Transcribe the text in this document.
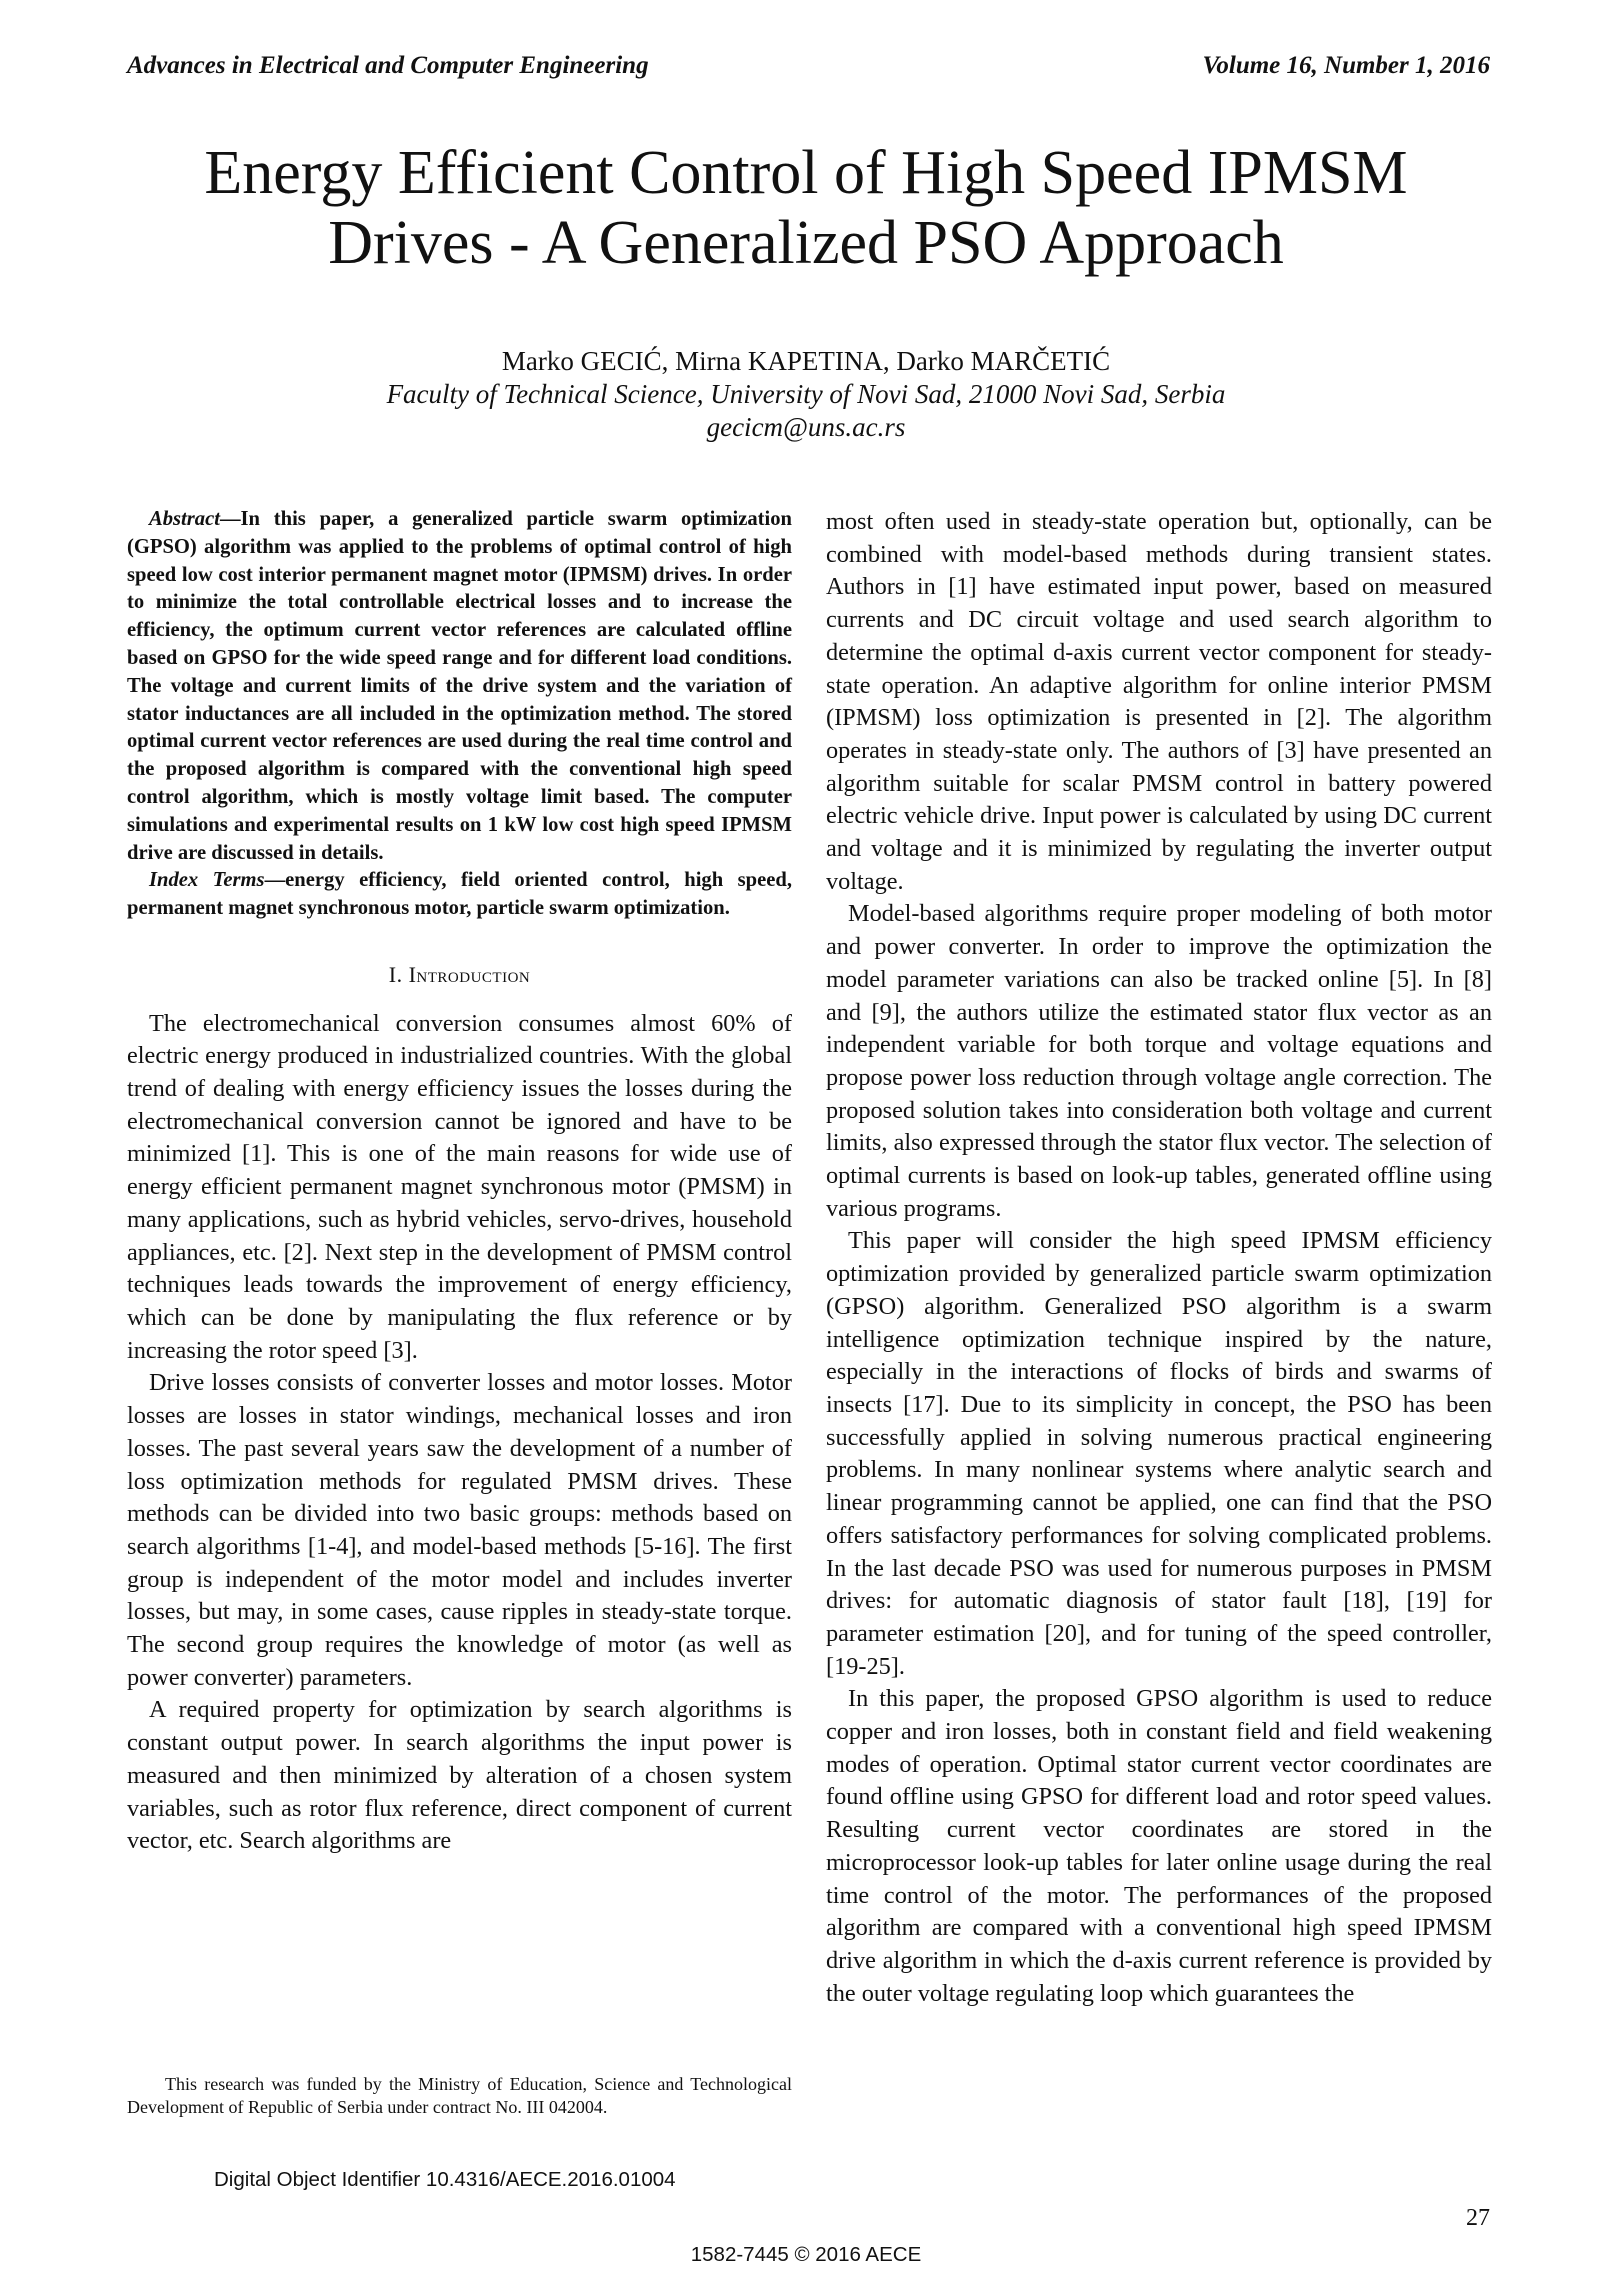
Advances in Electrical and Computer Engineering	Volume 16, Number 1, 2016
Energy Efficient Control of High Speed IPMSM
Drives - A Generalized PSO Approach
Marko GECIĆ, Mirna KAPETINA, Darko MARČETIĆ
Faculty of Technical Science, University of Novi Sad, 21000 Novi Sad, Serbia
gecicm@uns.ac.rs

Abstract—In this paper, a generalized particle swarm optimization (GPSO) algorithm was applied to the problems of optimal control of high speed low cost interior permanent magnet motor (IPMSM) drives. In order to minimize the total controllable electrical losses and to increase the efficiency, the optimum current vector references are calculated offline based on GPSO for the wide speed range and for different load conditions. The voltage and current limits of the drive system and the variation of stator inductances are all included in the optimization method. The stored optimal current vector references are used during the real time control and the proposed algorithm is compared with the conventional high speed control algorithm, which is mostly voltage limit based. The computer simulations and experimental results on 1 kW low cost high speed IPMSM drive are discussed in details.

Index Terms—energy efficiency, field oriented control, high speed, permanent magnet synchronous motor, particle swarm optimization.

I. Introduction

The electromechanical conversion consumes almost 60% of electric energy produced in industrialized countries. With the global trend of dealing with energy efficiency issues the losses during the electromechanical conversion cannot be ignored and have to be minimized [1]. This is one of the main reasons for wide use of energy efficient permanent magnet synchronous motor (PMSM) in many applications, such as hybrid vehicles, servo-drives, household appliances, etc. [2]. Next step in the development of PMSM control techniques leads towards the improvement of energy efficiency, which can be done by manipulating the flux reference or by increasing the rotor speed [3].

Drive losses consists of converter losses and motor losses. Motor losses are losses in stator windings, mechanical losses and iron losses. The past several years saw the development of a number of loss optimization methods for regulated PMSM drives. These methods can be divided into two basic groups: methods based on search algorithms [1-4], and model-based methods [5-16]. The first group is independent of the motor model and includes inverter losses, but may, in some cases, cause ripples in steady-state torque. The second group requires the knowledge of motor (as well as power converter) parameters.

A required property for optimization by search algorithms is constant output power. In search algorithms the input power is measured and then minimized by alteration of a chosen system variables, such as rotor flux reference, direct component of current vector, etc. Search algorithms are

most often used in steady-state operation but, optionally, can be combined with model-based methods during transient states. Authors in [1] have estimated input power, based on measured currents and DC circuit voltage and used search algorithm to determine the optimal d-axis current vector component for steady-state operation. An adaptive algorithm for online interior PMSM (IPMSM) loss optimization is presented in [2]. The algorithm operates in steady-state only. The authors of [3] have presented an algorithm suitable for scalar PMSM control in battery powered electric vehicle drive. Input power is calculated by using DC current and voltage and it is minimized by regulating the inverter output voltage.

Model-based algorithms require proper modeling of both motor and power converter. In order to improve the optimization the model parameter variations can also be tracked online [5]. In [8] and [9], the authors utilize the estimated stator flux vector as an independent variable for both torque and voltage equations and propose power loss reduction through voltage angle correction. The proposed solution takes into consideration both voltage and current limits, also expressed through the stator flux vector. The selection of optimal currents is based on look-up tables, generated offline using various programs.

This paper will consider the high speed IPMSM efficiency optimization provided by generalized particle swarm optimization (GPSO) algorithm. Generalized PSO algorithm is a swarm intelligence optimization technique inspired by the nature, especially in the interactions of flocks of birds and swarms of insects [17]. Due to its simplicity in concept, the PSO has been successfully applied in solving numerous practical engineering problems. In many nonlinear systems where analytic search and linear programming cannot be applied, one can find that the PSO offers satisfactory performances for solving complicated problems. In the last decade PSO was used for numerous purposes in PMSM drives: for automatic diagnosis of stator fault [18], [19] for parameter estimation [20], and for tuning of the speed controller, [19-25].

In this paper, the proposed GPSO algorithm is used to reduce copper and iron losses, both in constant field and field weakening modes of operation. Optimal stator current vector coordinates are found offline using GPSO for different load and rotor speed values. Resulting current vector coordinates are stored in the microprocessor look-up tables for later online usage during the real time control of the motor. The performances of the proposed algorithm are compared with a conventional high speed IPMSM drive algorithm in which the d-axis current reference is provided by the outer voltage regulating loop which guarantees the

This research was funded by the Ministry of Education, Science and Technological Development of Republic of Serbia under contract No. III 042004.
Digital Object Identifier 10.4316/AECE.2016.01004
27
1582-7445 © 2016 AECE
